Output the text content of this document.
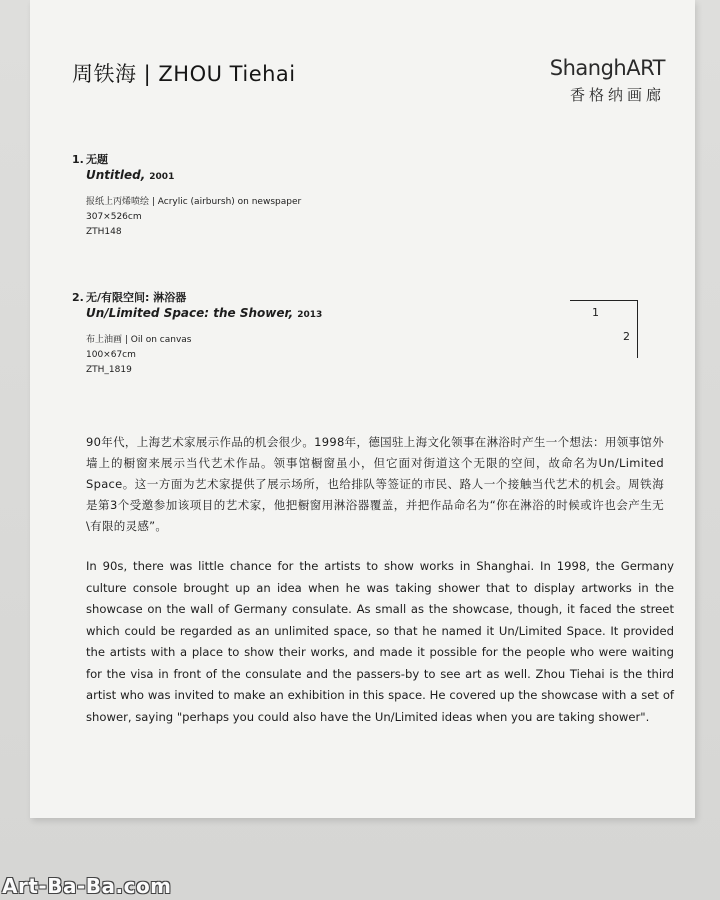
周铁海 | ZHOU Tiehai	ShanghART
香格纳画廊
1. 无题
Untitled, 2001
报纸上丙烯喷绘 | Acrylic (airbursh) on newspaper
307×526cm
ZTH148
2. 无/有限空间: 淋浴器
Un/Limited Space: the Shower, 2013
布上油画 | Oil on canvas
100×67cm
ZTH_1819
1
2
90年代，上海艺术家展示作品的机会很少。1998年，德国驻上海文化领事在淋浴时产生一个想法：用领事馆外墙上的橱窗来展示当代艺术作品。领事馆橱窗虽小，但它面对街道这个无限的空间，故命名为Un/Limited Space。这一方面为艺术家提供了展示场所，也给排队等签证的市民、路人一个接触当代艺术的机会。周铁海是第3个受邀参加该项目的艺术家，他把橱窗用淋浴器覆盖，并把作品命名为“你在淋浴的时候或许也会产生无\有限的灵感”。
In 90s, there was little chance for the artists to show works in Shanghai. In 1998, the Germany culture console brought up an idea when he was taking shower that to display artworks in the showcase on the wall of Germany consulate. As small as the showcase, though, it faced the street which could be regarded as an unlimited space, so that he named it Un/Limited Space. It provided the artists with a place to show their works, and made it possible for the people who were waiting for the visa in front of the consulate and the passers-by to see art as well. Zhou Tiehai is the third artist who was invited to make an exhibition in this space. He covered up the showcase with a set of shower, saying "perhaps you could also have the Un/Limited ideas when you are taking shower".
Art-Ba-Ba.com
